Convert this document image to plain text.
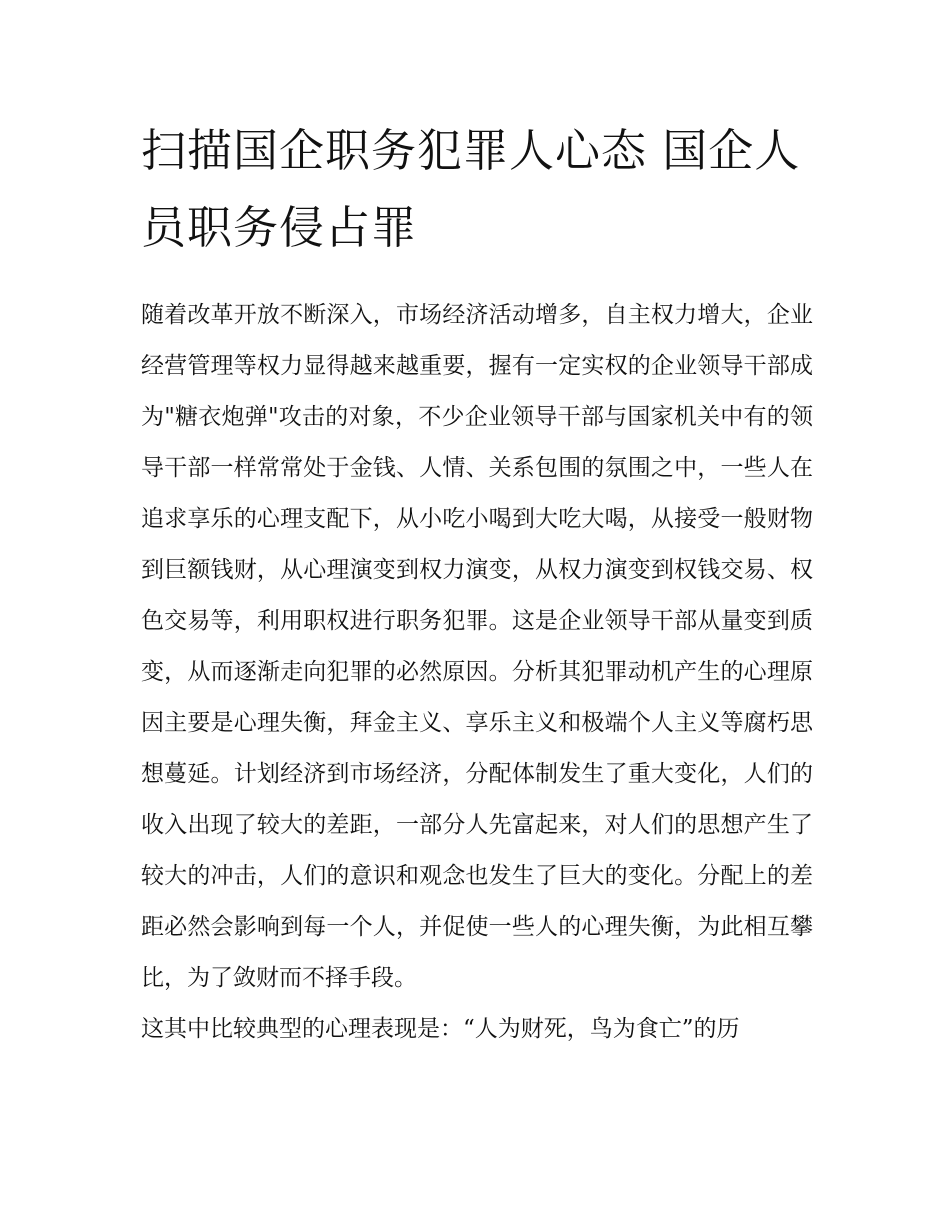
扫描国企职务犯罪人心态 国企人员职务侵占罪

随着改革开放不断深入，市场经济活动增多，自主权力增大，企业经营管理等权力显得越来越重要，握有一定实权的企业领导干部成为"糖衣炮弹"攻击的对象，不少企业领导干部与国家机关中有的领导干部一样常常处于金钱、人情、关系包围的氛围之中，一些人在追求享乐的心理支配下，从小吃小喝到大吃大喝，从接受一般财物到巨额钱财，从心理演变到权力演变，从权力演变到权钱交易、权色交易等，利用职权进行职务犯罪。这是企业领导干部从量变到质变，从而逐渐走向犯罪的必然原因。分析其犯罪动机产生的心理原因主要是心理失衡，拜金主义、享乐主义和极端个人主义等腐朽思想蔓延。计划经济到市场经济，分配体制发生了重大变化，人们的收入出现了较大的差距，一部分人先富起来，对人们的思想产生了较大的冲击，人们的意识和观念也发生了巨大的变化。分配上的差距必然会影响到每一个人，并促使一些人的心理失衡，为此相互攀比，为了敛财而不择手段。

这其中比较典型的心理表现是：“人为财死，鸟为食亡”的历
